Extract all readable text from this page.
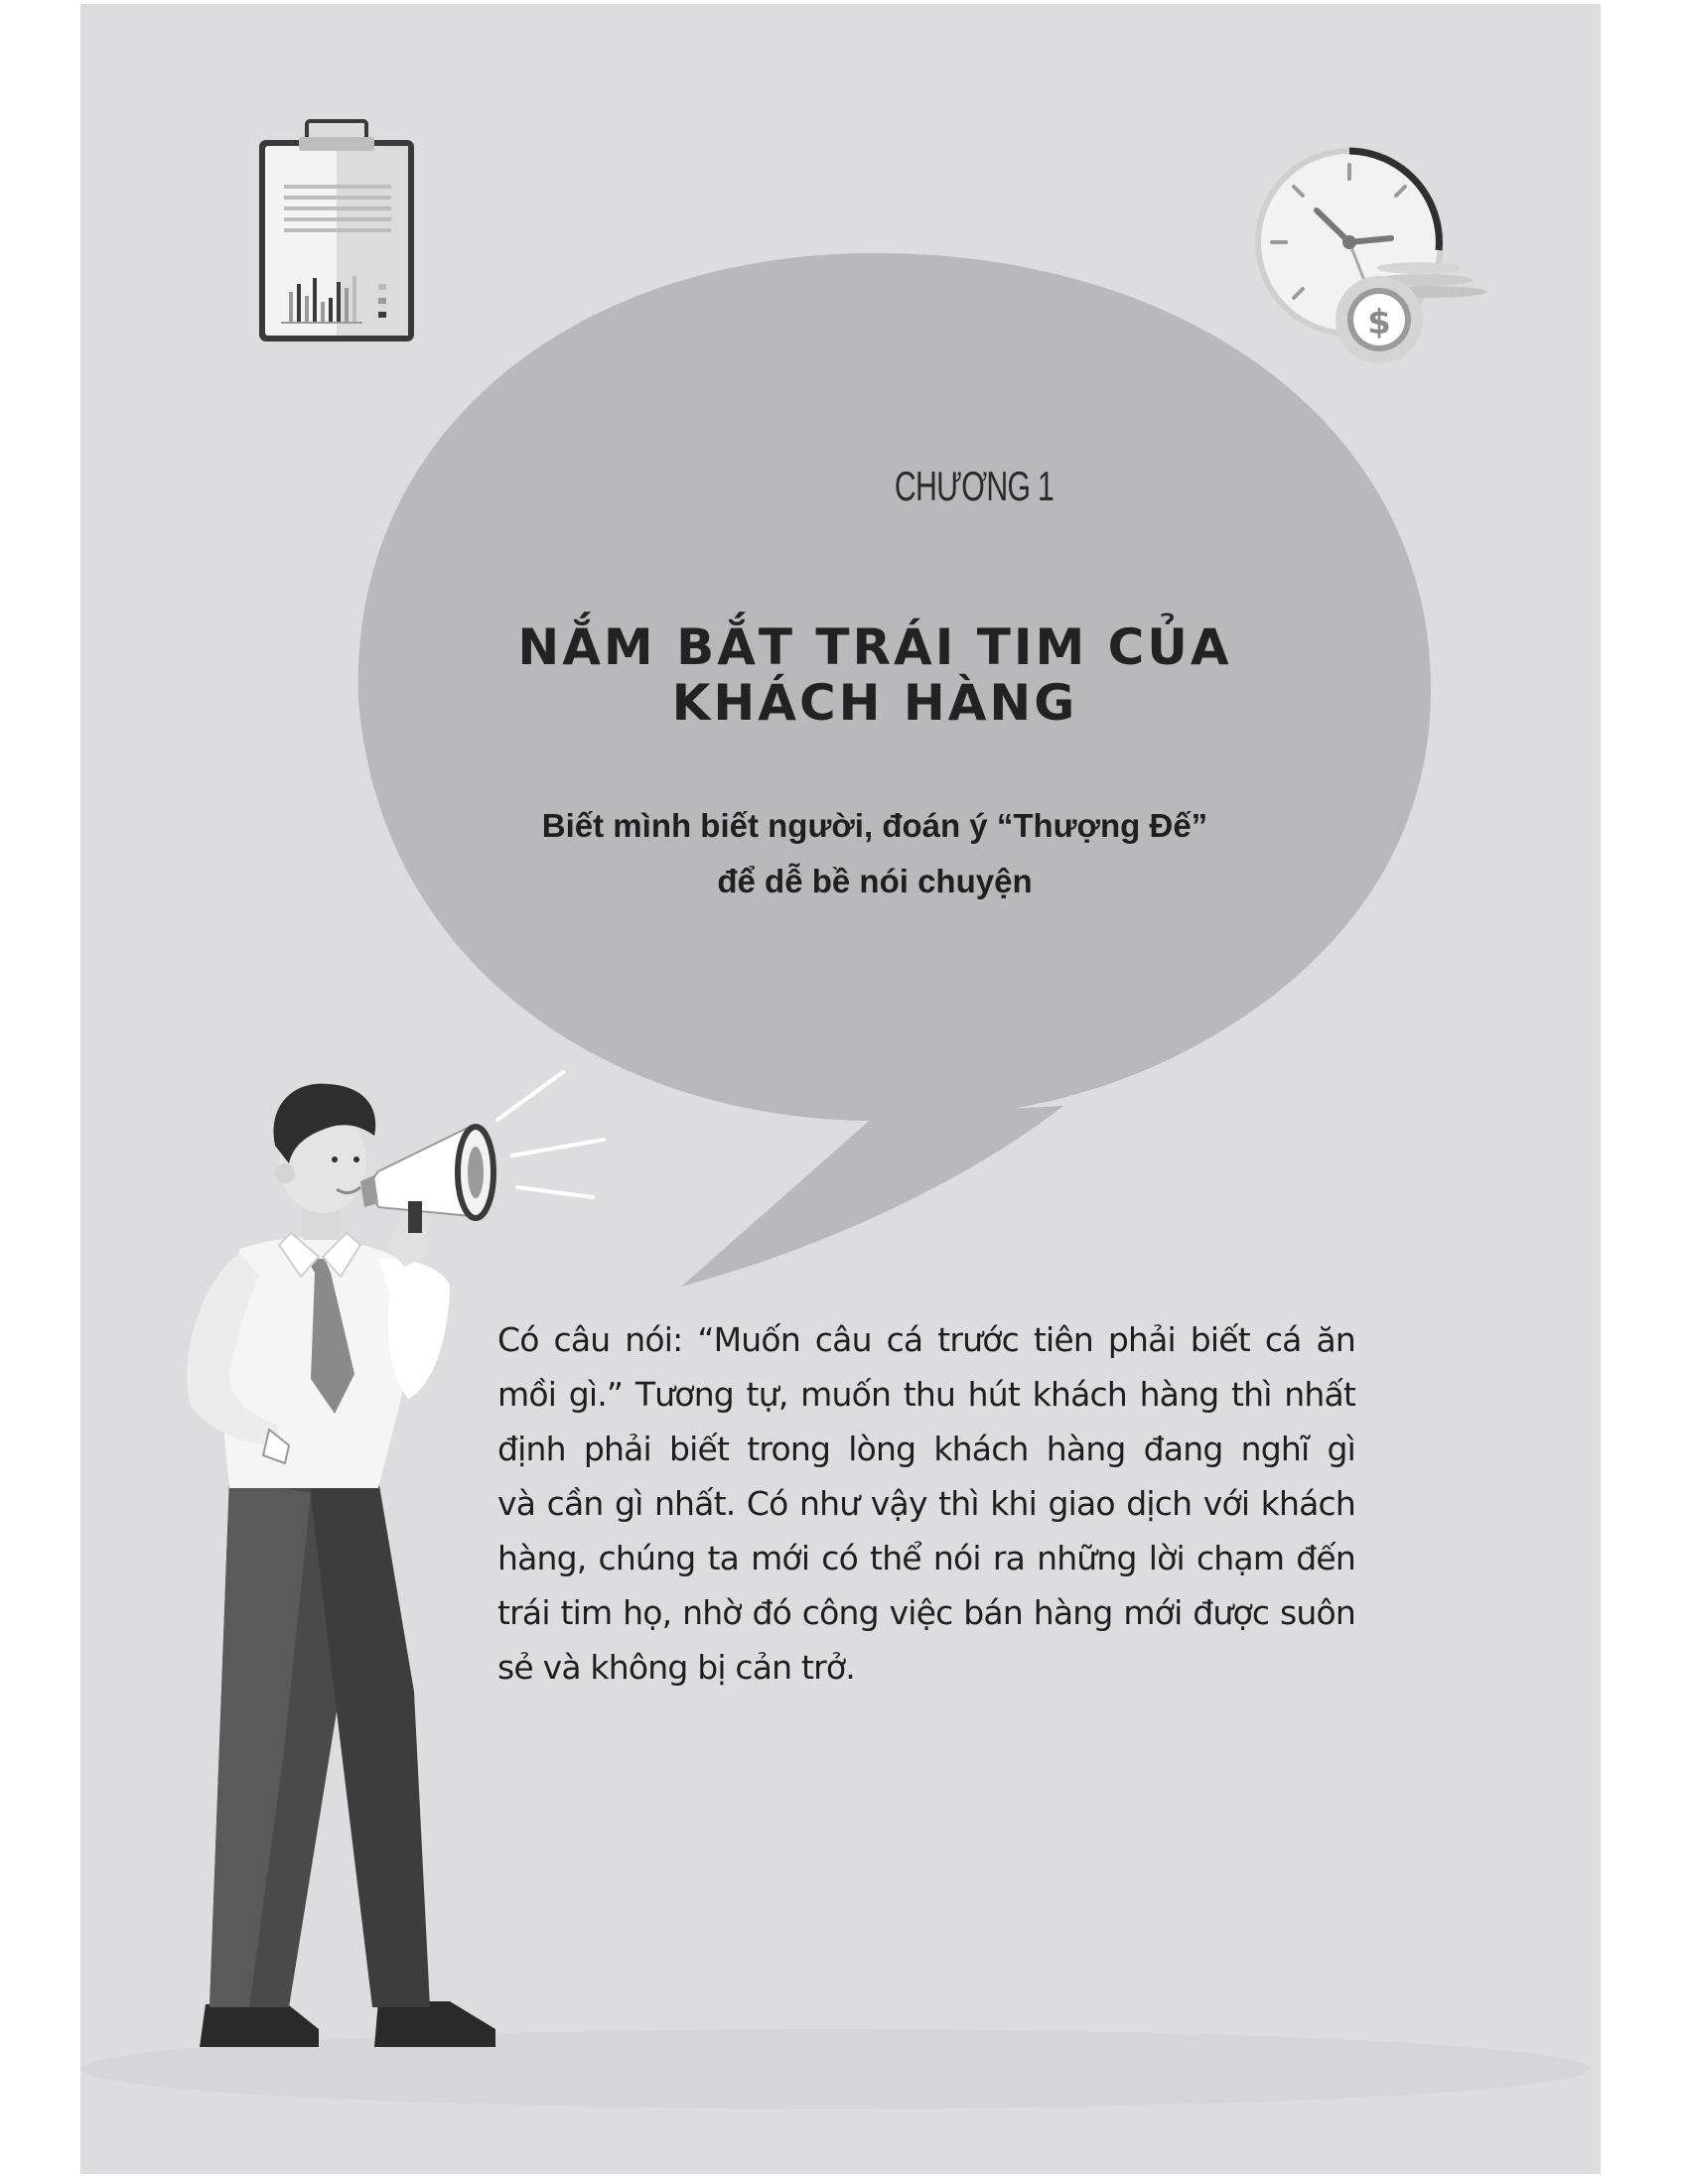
$
CHƯƠNG 1
NẮM BẮT TRÁI TIM CỦA
KHÁCH HÀNG
Biết mình biết người, đoán ý “Thượng Đế”
để dễ bề nói chuyện
Có câu nói: “Muốn câu cá trước tiên phải biết cá ăn
mồi gì.” Tương tự, muốn thu hút khách hàng thì nhất
định phải biết trong lòng khách hàng đang nghĩ gì
và cần gì nhất. Có như vậy thì khi giao dịch với khách
hàng, chúng ta mới có thể nói ra những lời chạm đến
trái tim họ, nhờ đó công việc bán hàng mới được suôn
sẻ và không bị cản trở.
